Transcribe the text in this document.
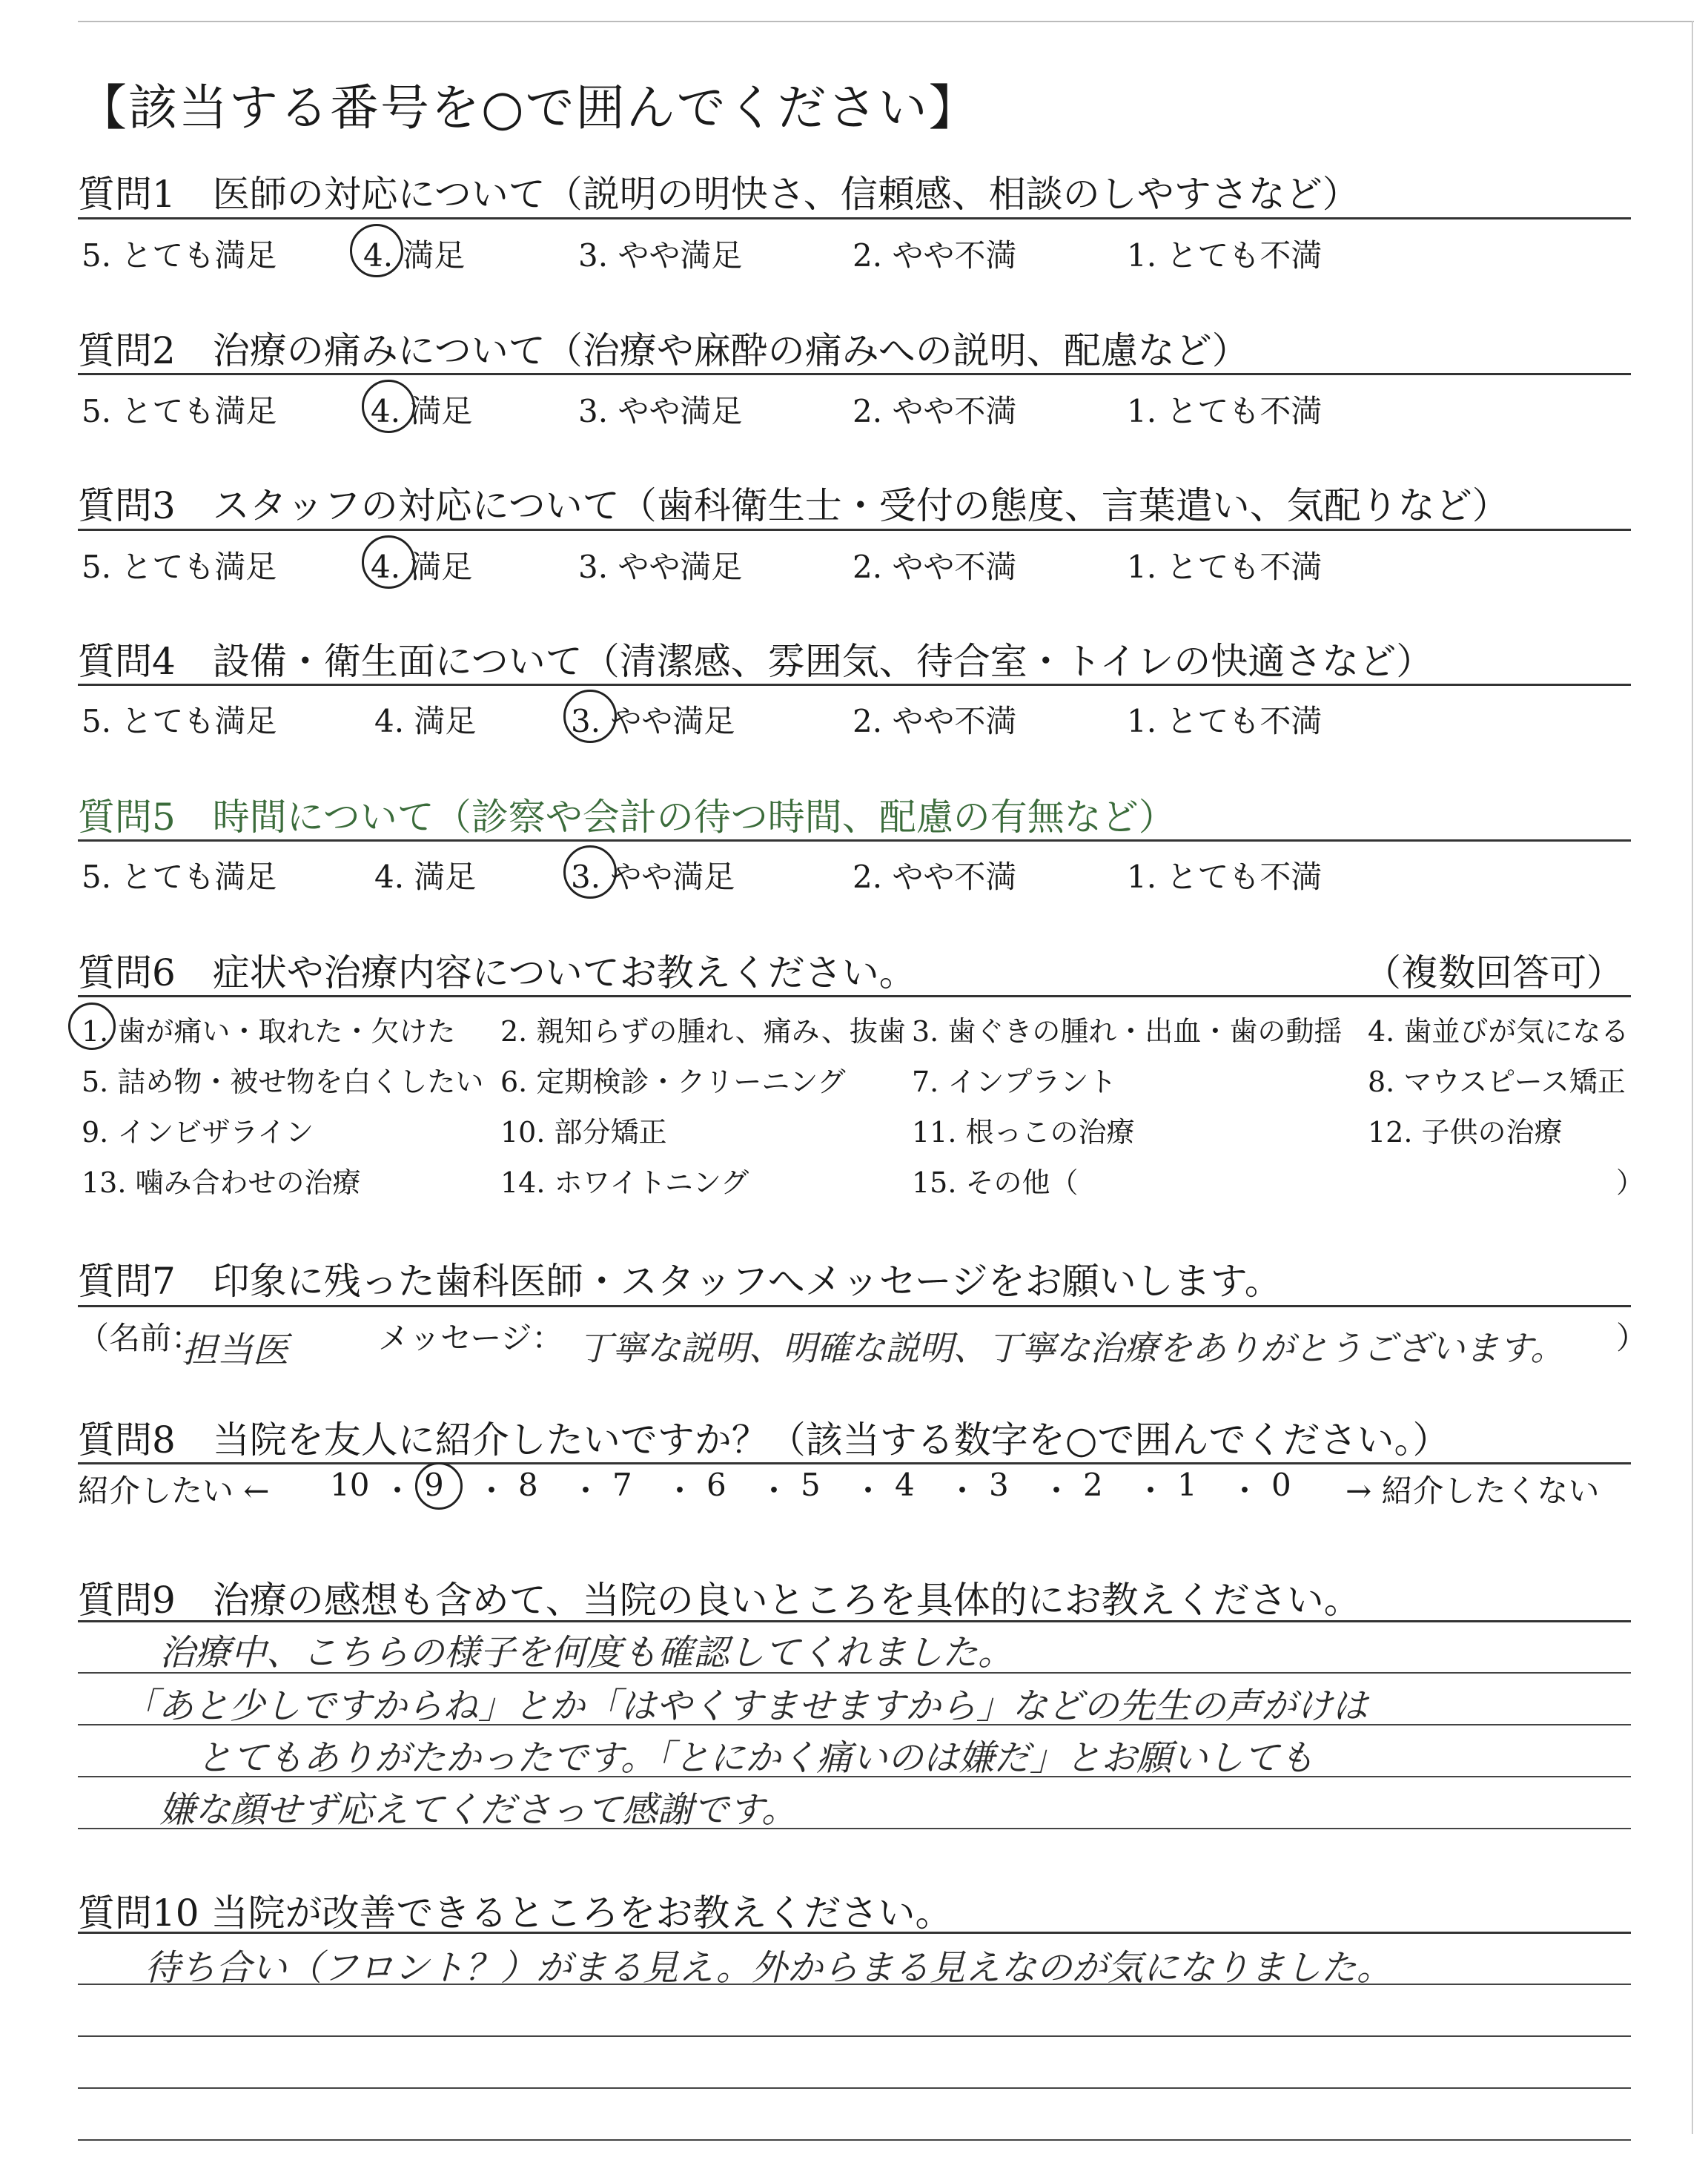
【該当する番号を○で囲んでください】
質問1　医師の対応について（説明の明快さ、信頼感、相談のしやすさなど）
5. とても満足	4. 満足	3. やや満足	2. やや不満	1. とても不満
質問2　治療の痛みについて（治療や麻酔の痛みへの説明、配慮など）
5. とても満足	4. 満足	3. やや満足	2. やや不満	1. とても不満
質問3　スタッフの対応について（歯科衛生士・受付の態度、言葉遣い、気配りなど）
5. とても満足	4. 満足	3. やや満足	2. やや不満	1. とても不満
質問4　設備・衛生面について（清潔感、雰囲気、待合室・トイレの快適さなど）
5. とても満足	4. 満足	3. やや満足	2. やや不満	1. とても不満
質問5　時間について（診察や会計の待つ時間、配慮の有無など）
5. とても満足	4. 満足	3. やや満足	2. やや不満	1. とても不満
質問6　症状や治療内容についてお教えください。	（複数回答可）
1. 歯が痛い・取れた・欠けた 2. 親知らずの腫れ、痛み、抜歯 3. 歯ぐきの腫れ・出血・歯の動揺 4. 歯並びが気になる
5. 詰め物・被せ物を白くしたい 6. 定期検診・クリーニング 7. インプラント	8. マウスピース矯正
9. インビザライン	10. 部分矯正	11. 根っこの治療	12. 子供の治療
13. 噛み合わせの治療	14. ホワイトニング	15. その他（	）
質問7　印象に残った歯科医師・スタッフへメッセージをお願いします。
（名前：
担当医	メッセージ： 丁寧な説明、明確な説明、丁寧な治療をありがとうございます。 ）
質問8　当院を友人に紹介したいですか？（該当する数字を○で囲んでください。）
紹介したい ← 10 ・ 9 ・ 8 ・ 7 ・ 6 ・ 5 ・ 4 ・ 3 ・ 2 ・ 1 ・ 0 → 紹介したくない
質問9　治療の感想も含めて、当院の良いところを具体的にお教えください。
治療中、こちらの様子を何度も確認してくれました。
「あと少しですからね」とか「はやくすませますから」などの先生の声がけは
とてもありがたかったです。「とにかく痛いのは嫌だ」とお願いしても
嫌な顔せず応えてくださって感謝です。
質問10 当院が改善できるところをお教えください。
待ち合い（フロント？）がまる見え。外からまる見えなのが気になりました。
